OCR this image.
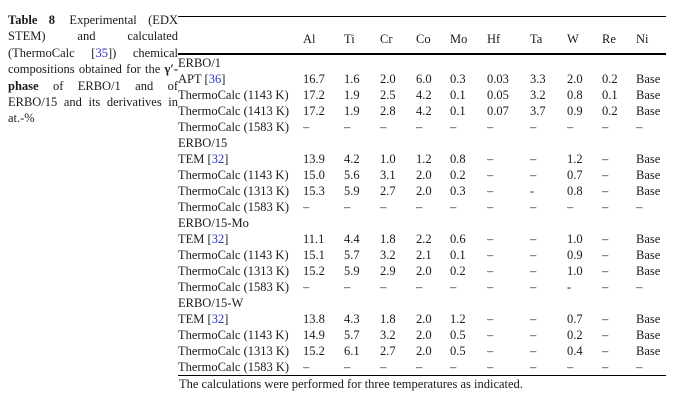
Table 8 Experimental (EDX STEM) and calculated (ThermoCalc [35]) chemical compositions obtained for the γ′-phase of ERBO/1 and of ERBO/15 and its derivatives in at.-%
	Al	Ti	Cr	Co	Mo	Hf	Ta	W	Re	Ni
ERBO/1										
APT [36]	16.7	1.6	2.0	6.0	0.3	0.03	3.3	2.0	0.2	Base
ThermoCalc (1143 K)	17.2	1.9	2.5	4.2	0.1	0.05	3.2	0.8	0.1	Base
ThermoCalc (1413 K)	17.2	1.9	2.8	4.2	0.1	0.07	3.7	0.9	0.2	Base
ThermoCalc (1583 K)	–	–	–	–	–	–	–	–	–	–
ERBO/15										
TEM [32]	13.9	4.2	1.0	1.2	0.8	–	–	1.2	–	Base
ThermoCalc (1143 K)	15.0	5.6	3.1	2.0	0.2	–	–	0.7	–	Base
ThermoCalc (1313 K)	15.3	5.9	2.7	2.0	0.3	–	-	0.8	–	Base
ThermoCalc (1583 K)	–	–	–	–	–	–	–	–	–	–
ERBO/15-Mo										
TEM [32]	11.1	4.4	1.8	2.2	0.6	–	–	1.0	–	Base
ThermoCalc (1143 K)	15.1	5.7	3.2	2.1	0.1	–	–	0.9	–	Base
ThermoCalc (1313 K)	15.2	5.9	2.9	2.0	0.2	–	–	1.0	–	Base
ThermoCalc (1583 K)	–	–	–	–	–	–	–	-	–	–
ERBO/15-W										
TEM [32]	13.8	4.3	1.8	2.0	1.2	–	–	0.7	–	Base
ThermoCalc (1143 K)	14.9	5.7	3.2	2.0	0.5	–	–	0.2	–	Base
ThermoCalc (1313 K)	15.2	6.1	2.7	2.0	0.5	–	–	0.4	–	Base
ThermoCalc (1583 K)	–	–	–	–	–	–	–	–	–	–
The calculations were performed for three temperatures as indicated.
